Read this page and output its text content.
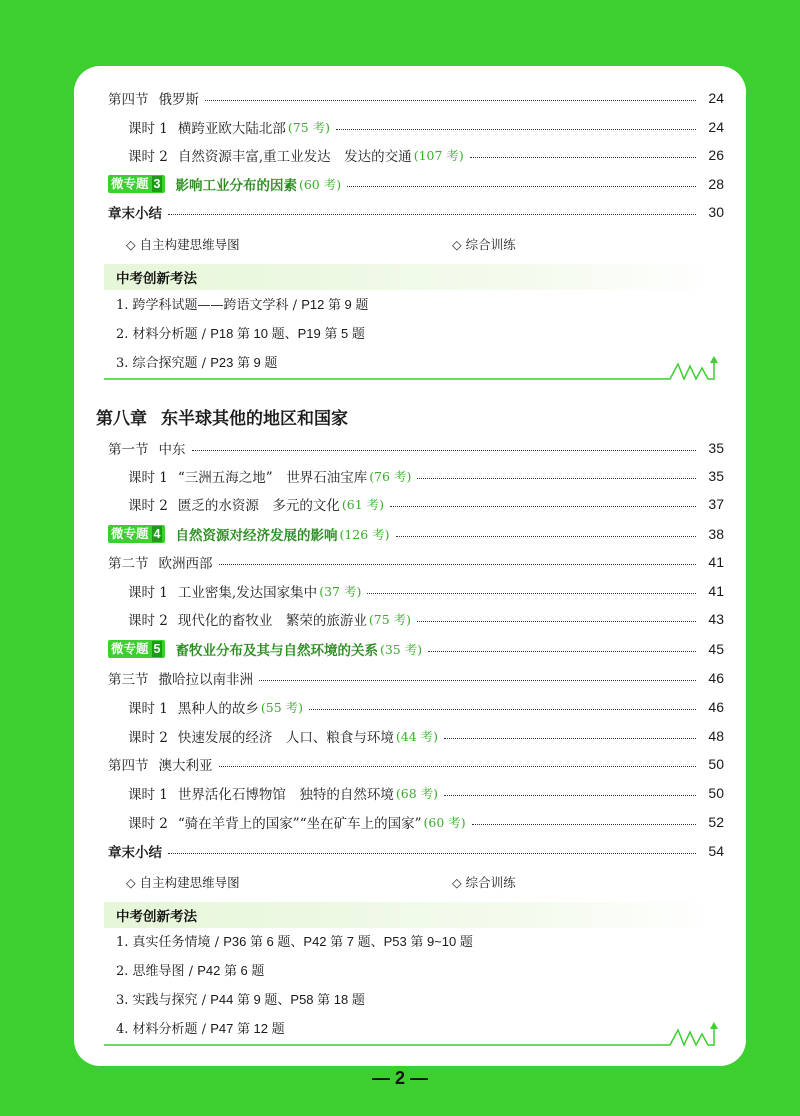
第四节 俄罗斯	24
课时 1 横跨亚欧大陆北部 (75 考)	24
课时 2 自然资源丰富,重工业发达　发达的交通 (107 考)	26
微专题 3 影响工业分布的因素 (60 考)	28
章末小结	30
◇ 自主构建思维导图	◇ 综合训练
中考创新考法
1. 跨学科试题——跨语文学科 / P12 第 9 题
2. 材料分析题 / P18 第 10 题、P19 第 5 题
3. 综合探究题 / P23 第 9 题
第八章 东半球其他的地区和国家
第一节 中东	35
课时 1 “三洲五海之地”　世界石油宝库 (76 考)	35
课时 2 匮乏的水资源　多元的文化 (61 考)	37
微专题 4 自然资源对经济发展的影响 (126 考)	38
第二节 欧洲西部	41
课时 1 工业密集,发达国家集中 (37 考)	41
课时 2 现代化的畜牧业　繁荣的旅游业 (75 考)	43
微专题 5 畜牧业分布及其与自然环境的关系 (35 考)	45
第三节 撒哈拉以南非洲	46
课时 1 黑种人的故乡 (55 考)	46
课时 2 快速发展的经济　人口、粮食与环境 (44 考)	48
第四节 澳大利亚	50
课时 1 世界活化石博物馆　独特的自然环境 (68 考)	50
课时 2 “骑在羊背上的国家”“坐在矿车上的国家” (60 考)	52
章末小结	54
◇ 自主构建思维导图	◇ 综合训练
中考创新考法
1. 真实任务情境 / P36 第 6 题、P42 第 7 题、P53 第 9~10 题
2. 思维导图 / P42 第 6 题
3. 实践与探究 / P44 第 9 题、P58 第 18 题
4. 材料分析题 / P47 第 12 题
— 2 —
